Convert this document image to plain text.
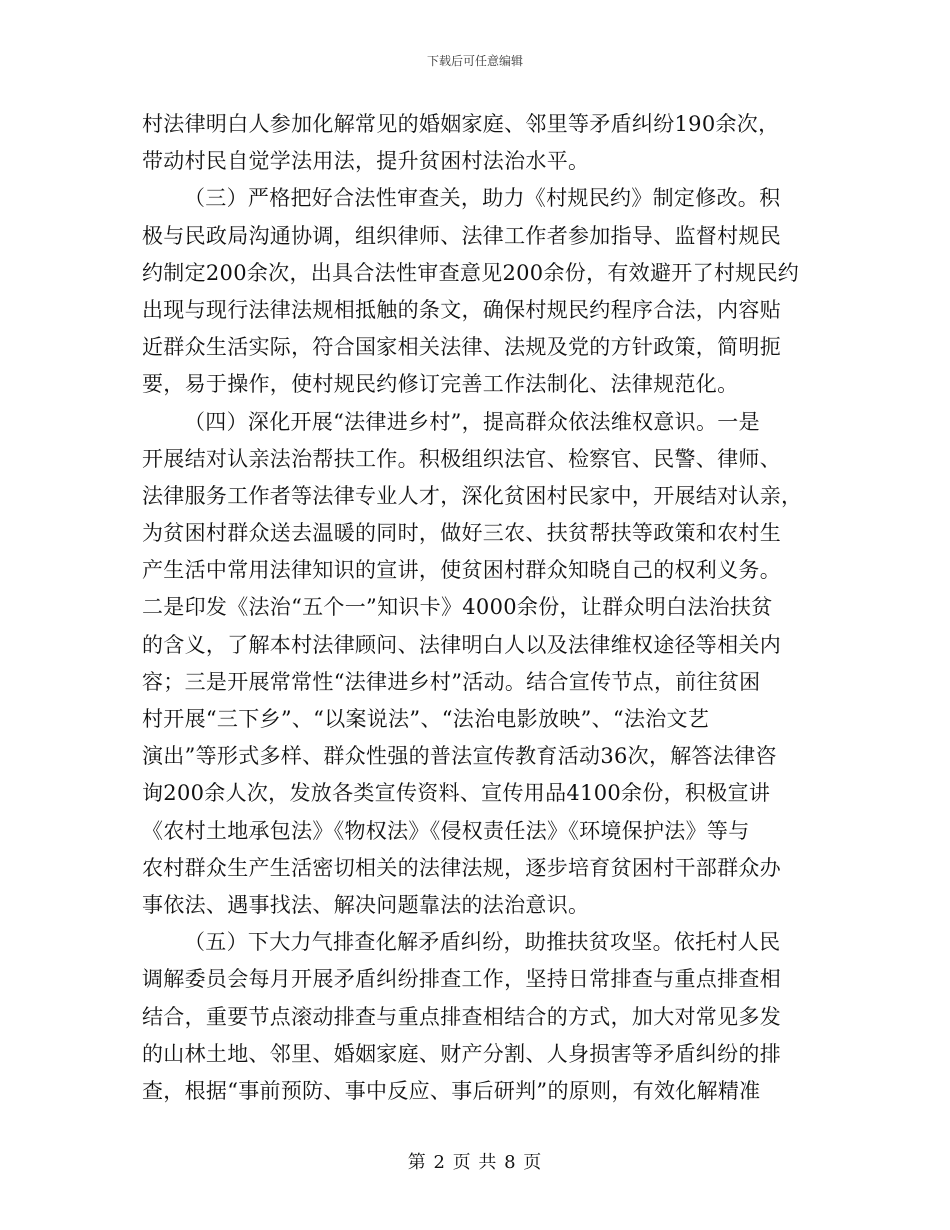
下载后可任意编辑
村法律明白人参加化解常见的婚姻家庭、邻里等矛盾纠纷190余次，
带动村民自觉学法用法，提升贫困村法治水平。
（三）严格把好合法性审查关，助力《村规民约》制定修改。积
极与民政局沟通协调，组织律师、法律工作者参加指导、监督村规民
约制定200余次，出具合法性审查意见200余份，有效避开了村规民约
出现与现行法律法规相抵触的条文，确保村规民约程序合法，内容贴
近群众生活实际，符合国家相关法律、法规及党的方针政策，简明扼
要，易于操作，使村规民约修订完善工作法制化、法律规范化。
（四）深化开展“法律进乡村”，提高群众依法维权意识。一是
开展结对认亲法治帮扶工作。积极组织法官、检察官、民警、律师、
法律服务工作者等法律专业人才，深化贫困村民家中，开展结对认亲，
为贫困村群众送去温暖的同时，做好三农、扶贫帮扶等政策和农村生
产生活中常用法律知识的宣讲，使贫困村群众知晓自己的权利义务。
二是印发《法治“五个一”知识卡》4000余份，让群众明白法治扶贫
的含义，了解本村法律顾问、法律明白人以及法律维权途径等相关内
容；三是开展常常性“法律进乡村”活动。结合宣传节点，前往贫困
村开展“三下乡”、“以案说法”、“法治电影放映”、“法治文艺
演出”等形式多样、群众性强的普法宣传教育活动36次，解答法律咨
询200余人次，发放各类宣传资料、宣传用品4100余份，积极宣讲
《农村土地承包法》《物权法》《侵权责任法》《环境保护法》等与
农村群众生产生活密切相关的法律法规，逐步培育贫困村干部群众办
事依法、遇事找法、解决问题靠法的法治意识。
（五）下大力气排查化解矛盾纠纷，助推扶贫攻坚。依托村人民
调解委员会每月开展矛盾纠纷排查工作，坚持日常排查与重点排查相
结合，重要节点滚动排查与重点排查相结合的方式，加大对常见多发
的山林土地、邻里、婚姻家庭、财产分割、人身损害等矛盾纠纷的排
查，根据“事前预防、事中反应、事后研判”的原则，有效化解精准
第 2 页 共 8 页
